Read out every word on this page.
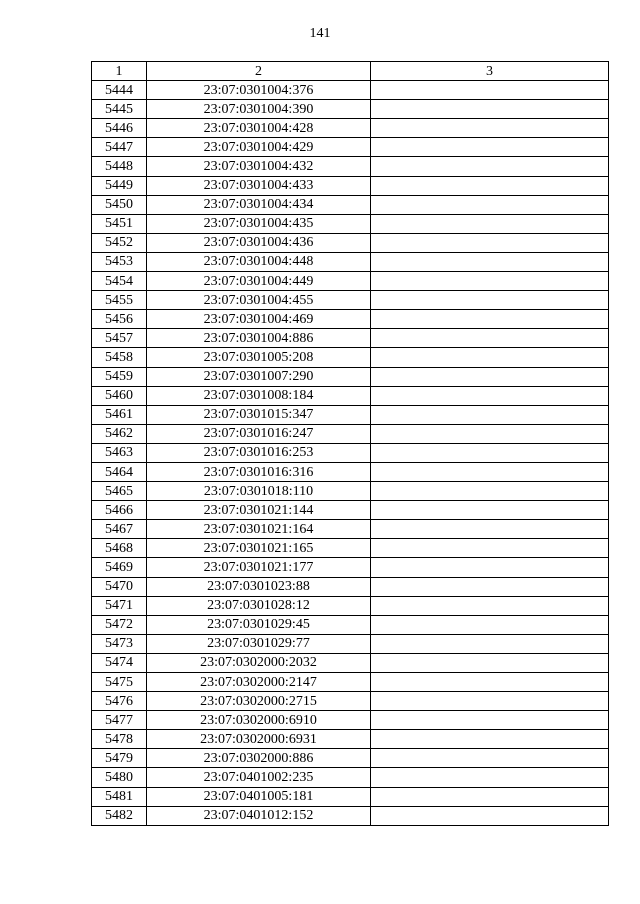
141
1	2	3
5444	23:07:0301004:376	
5445	23:07:0301004:390	
5446	23:07:0301004:428	
5447	23:07:0301004:429	
5448	23:07:0301004:432	
5449	23:07:0301004:433	
5450	23:07:0301004:434	
5451	23:07:0301004:435	
5452	23:07:0301004:436	
5453	23:07:0301004:448	
5454	23:07:0301004:449	
5455	23:07:0301004:455	
5456	23:07:0301004:469	
5457	23:07:0301004:886	
5458	23:07:0301005:208	
5459	23:07:0301007:290	
5460	23:07:0301008:184	
5461	23:07:0301015:347	
5462	23:07:0301016:247	
5463	23:07:0301016:253	
5464	23:07:0301016:316	
5465	23:07:0301018:110	
5466	23:07:0301021:144	
5467	23:07:0301021:164	
5468	23:07:0301021:165	
5469	23:07:0301021:177	
5470	23:07:0301023:88	
5471	23:07:0301028:12	
5472	23:07:0301029:45	
5473	23:07:0301029:77	
5474	23:07:0302000:2032	
5475	23:07:0302000:2147	
5476	23:07:0302000:2715	
5477	23:07:0302000:6910	
5478	23:07:0302000:6931	
5479	23:07:0302000:886	
5480	23:07:0401002:235	
5481	23:07:0401005:181	
5482	23:07:0401012:152	
